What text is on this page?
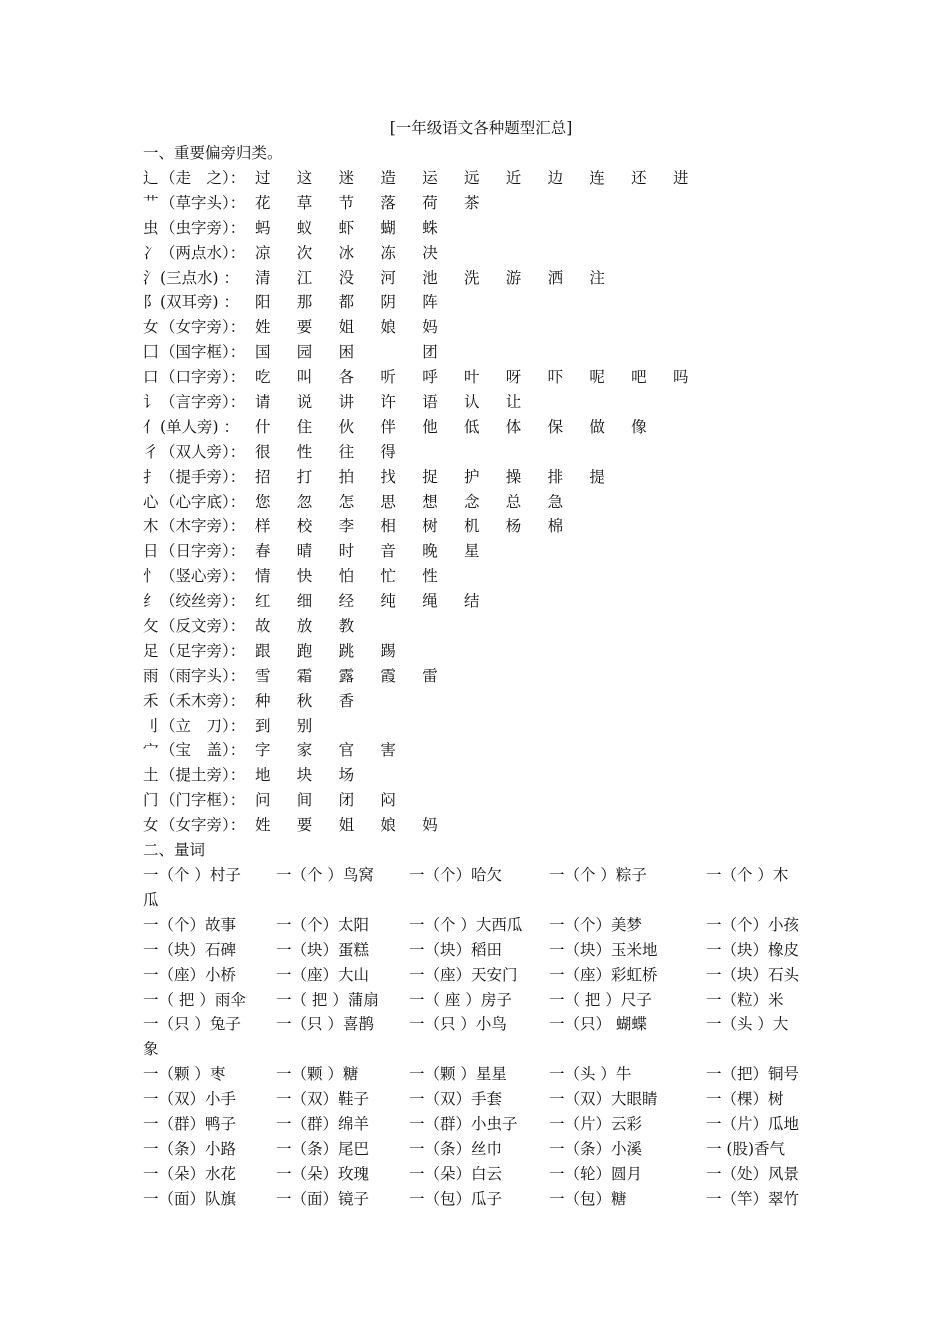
[一年级语文各种题型汇总]
一、重要偏旁归类。
辶（走　之）： 过 这 迷 造 运 远 近 边 连 还 进
艹（草字头）： 花 草 节 落 荷 茶
虫（虫字旁）： 蚂 蚁 虾 蝴 蛛
冫（两点水）： 凉 次 冰 冻 决
氵(三点水) ： 清 江 没 河 池 洗 游 洒 注
阝(双耳旁) ： 阳 那 都 阴 阵
女（女字旁）： 姓 要 姐 娘 妈
囗（国字框）： 国 园 困	团
口（口字旁）： 吃 叫 各 听 呼 叶 呀 吓 呢 吧 吗
讠（言字旁）： 请 说 讲 许 语 认 让
亻(单人旁) ： 什 住 伙 伴 他 低 体 保 做 像
彳（双人旁）： 很 性 往 得
扌（提手旁）： 招 打 拍 找 捉 护 操 排 提
心（心字底）： 您 忽 怎 思 想 念 总 急
木（木字旁）： 样 校 李 相 树 机 杨 棉
日（日字旁）： 春 晴 时 音 晚 星
忄（竖心旁）： 情 快 怕 忙 性
纟（绞丝旁）： 红 细 经 纯 绳 结
攵（反文旁）： 故 放 教
足（足字旁）： 跟 跑 跳 踢
雨（雨字头）： 雪 霜 露 霞 雷
禾（禾木旁）： 种 秋 香
刂（立　刀）： 到 别
宀（宝　盖）： 字 家 官 害
土（提土旁）： 地 块 场
门（门字框）： 问 间 闭 闷
女（女字旁）： 姓 要 姐 娘 妈
二、量词
一（个 ）村子 一（个 ）鸟窝 一（个）哈欠	一（个 ）粽子	一（个 ）木
瓜
一（个）故事	一（个）太阳	一（个 ）大西瓜 一（个）美梦	一（个）小孩
一（块）石碑	一（块）蛋糕	一（块）稻田	一（块）玉米地	一（块）橡皮
一（座）小桥	一（座）大山	一（座）天安门 一（座）彩虹桥	一（块）石头
一（ 把 ）雨伞 一（ 把 ）蒲扇 一（ 座 ）房子 一（ 把 ）尺子	一（粒）米
一（只 ）兔子 一（只 ）喜鹊 一（只 ）小鸟	一（只） 蝴蝶	一（头 ）大
象
一（颗 ）枣	一（颗 ）糖	一（颗 ）星星	一（头 ）牛	一（把）铜号
一（双）小手	一（双）鞋子	一（双）手套	一（双）大眼睛	一（棵）树
一（群）鸭子	一（群）绵羊	一（群）小虫子 一（片）云彩	一（片）瓜地
一（条）小路	一（条）尾巴	一（条）丝巾	一（条）小溪	一 (股)香气
一（朵）水花	一（朵）玫瑰	一（朵）白云	一（轮）圆月	一（处）风景
一（面）队旗	一（面）镜子	一（包）瓜子	一（包）糖	一（竿）翠竹
